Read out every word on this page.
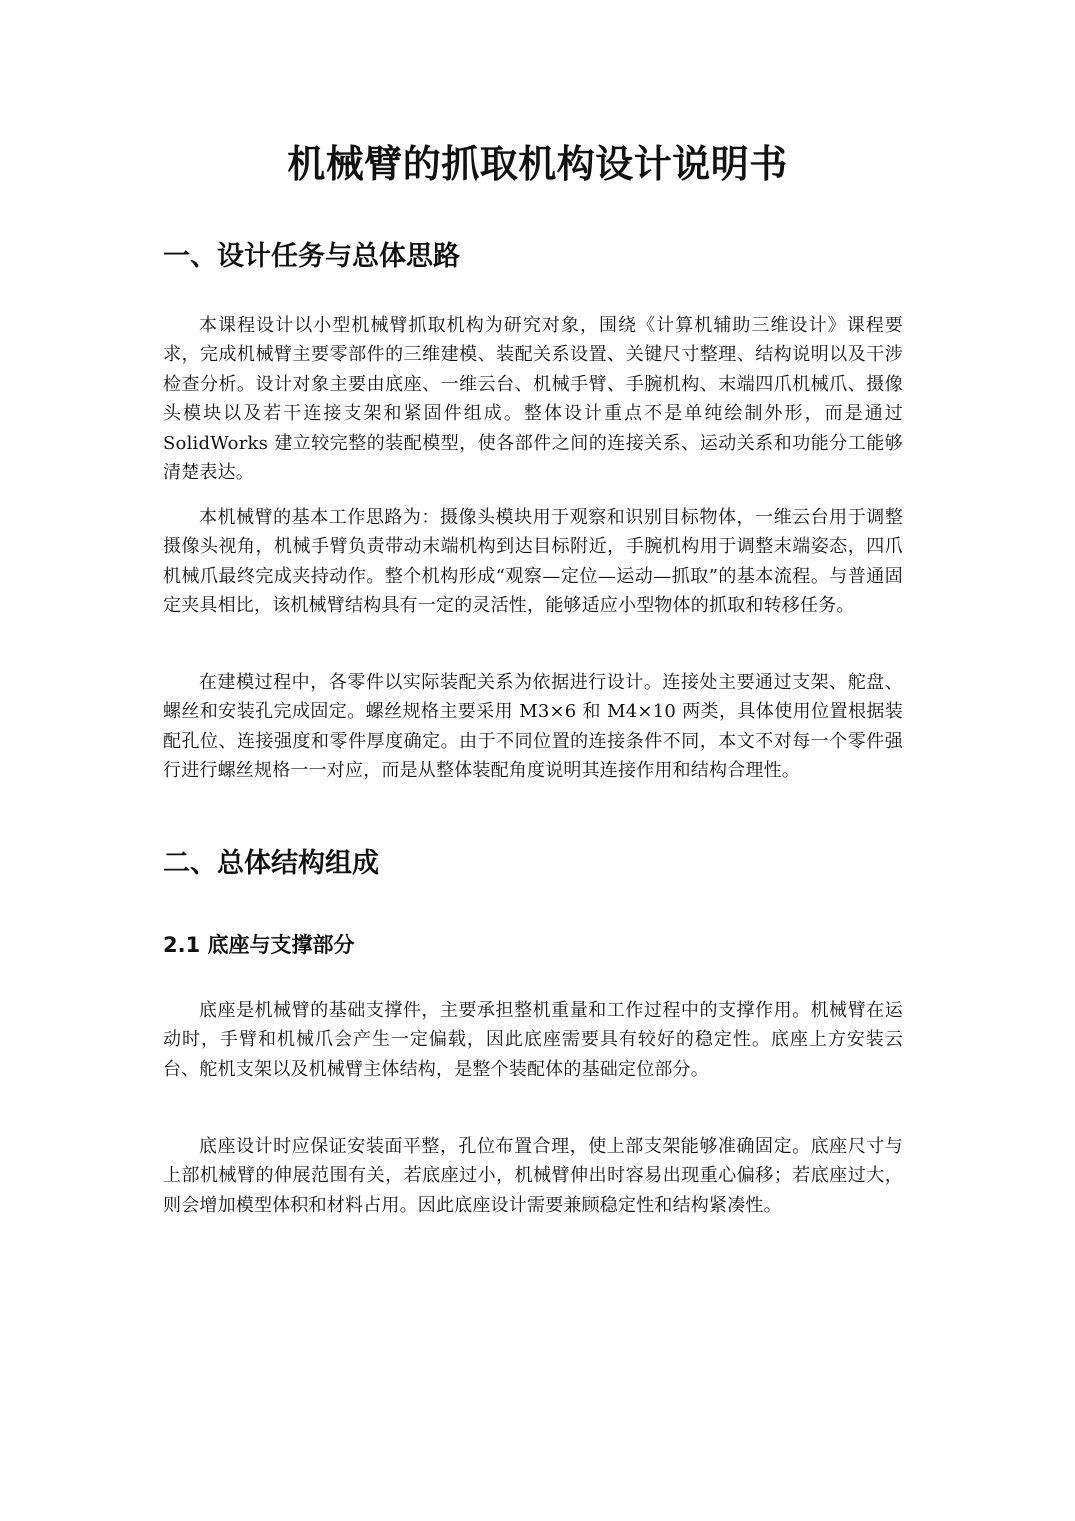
机械臂的抓取机构设计说明书
一、设计任务与总体思路

本课程设计以小型机械臂抓取机构为研究对象，围绕《计算机辅助三维设计》课程要求，完成机械臂主要零部件的三维建模、装配关系设置、关键尺寸整理、结构说明以及干涉检查分析。设计对象主要由底座、一维云台、机械手臂、手腕机构、末端四爪机械爪、摄像头模块以及若干连接支架和紧固件组成。整体设计重点不是单纯绘制外形，而是通过 SolidWorks 建立较完整的装配模型，使各部件之间的连接关系、运动关系和功能分工能够清楚表达。

本机械臂的基本工作思路为：摄像头模块用于观察和识别目标物体，一维云台用于调整摄像头视角，机械手臂负责带动末端机构到达目标附近，手腕机构用于调整末端姿态，四爪机械爪最终完成夹持动作。整个机构形成“观察—定位—运动—抓取”的基本流程。与普通固定夹具相比，该机械臂结构具有一定的灵活性，能够适应小型物体的抓取和转移任务。

在建模过程中，各零件以实际装配关系为依据进行设计。连接处主要通过支架、舵盘、螺丝和安装孔完成固定。螺丝规格主要采用 M3×6 和 M4×10 两类，具体使用位置根据装配孔位、连接强度和零件厚度确定。由于不同位置的连接条件不同，本文不对每一个零件强行进行螺丝规格一一对应，而是从整体装配角度说明其连接作用和结构合理性。

二、总体结构组成
2.1 底座与支撑部分

底座是机械臂的基础支撑件，主要承担整机重量和工作过程中的支撑作用。机械臂在运动时，手臂和机械爪会产生一定偏载，因此底座需要具有较好的稳定性。底座上方安装云台、舵机支架以及机械臂主体结构，是整个装配体的基础定位部分。

底座设计时应保证安装面平整，孔位布置合理，使上部支架能够准确固定。底座尺寸与上部机械臂的伸展范围有关，若底座过小，机械臂伸出时容易出现重心偏移；若底座过大，则会增加模型体积和材料占用。因此底座设计需要兼顾稳定性和结构紧凑性。
